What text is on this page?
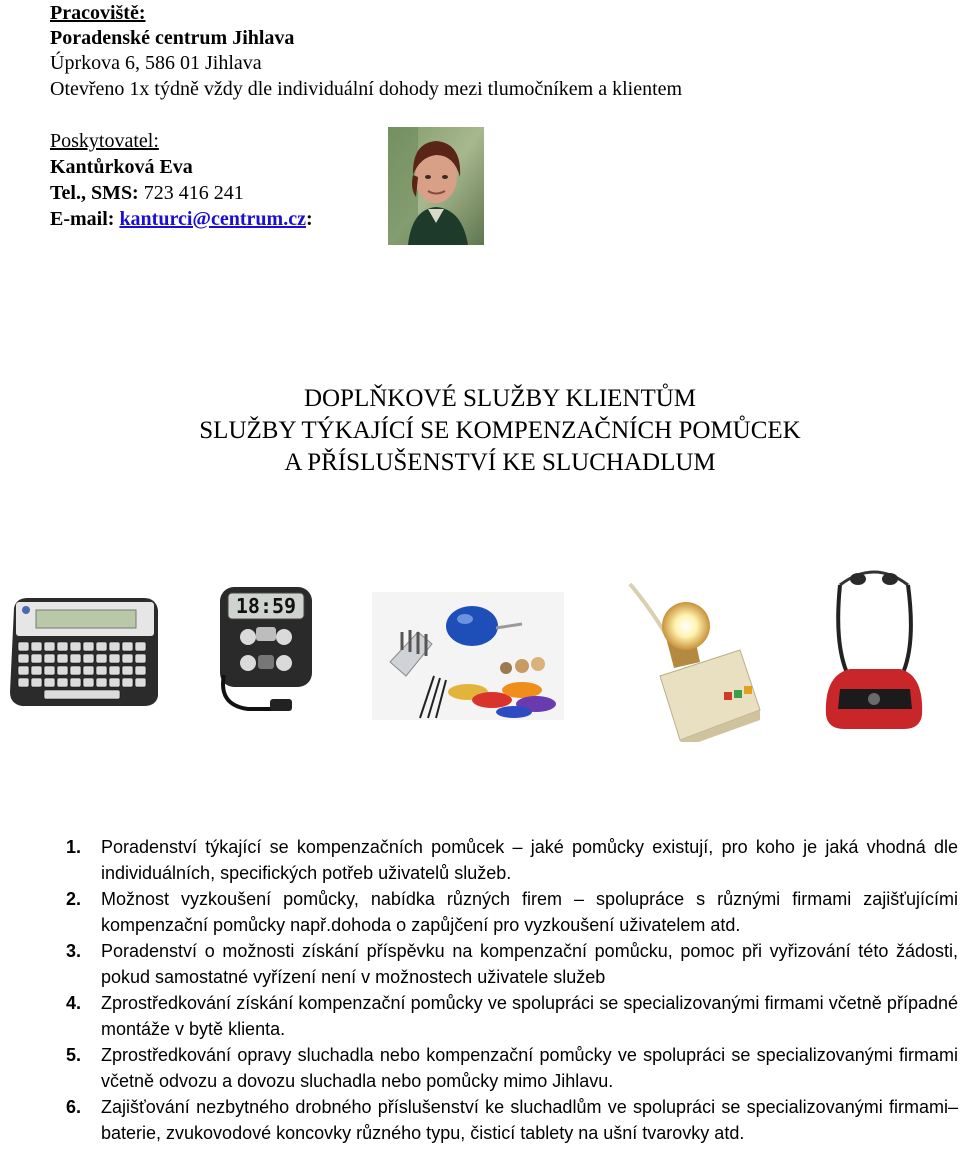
Pracoviště:
Poradenské centrum Jihlava
Úprkova 6, 586 01 Jihlava
Otevřeno 1x týdně vždy dle individuální dohody mezi tlumočníkem a klientem
Poskytovatel:
Kantůrková Eva
Tel., SMS: 723 416 241
E-mail: kanturci@centrum.cz:
DOPLŇKOVÉ SLUŽBY KLIENTŮM
SLUŽBY TÝKAJÍCÍ SE KOMPENZAČNÍCH POMŮCEK
A PŘÍSLUŠENSTVÍ KE SLUCHADLUM
18:59
1. Poradenství týkající se kompenzačních pomůcek – jaké pomůcky existují, pro koho je jaká vhodná dle individuálních, specifických potřeb uživatelů služeb.
2. Možnost vyzkoušení pomůcky, nabídka různých firem – spolupráce s různými firmami zajišťujícími kompenzační pomůcky např.dohoda o zapůjčení pro vyzkoušení uživatelem atd.
3. Poradenství o možnosti získání příspěvku na kompenzační pomůcku, pomoc při vyřizování této žádosti, pokud samostatné vyřízení není v možnostech uživatele služeb
4. Zprostředkování získání kompenzační pomůcky ve spolupráci se specializovanými firmami včetně případné montáže v bytě klienta.
5. Zprostředkování opravy sluchadla nebo kompenzační pomůcky ve spolupráci se specializovanými firmami včetně odvozu a dovozu sluchadla nebo pomůcky mimo Jihlavu.
6. Zajišťování nezbytného drobného příslušenství ke sluchadlům ve spolupráci se specializovanými firmami– baterie, zvukovodové koncovky různého typu, čisticí tablety na ušní tvarovky atd.
